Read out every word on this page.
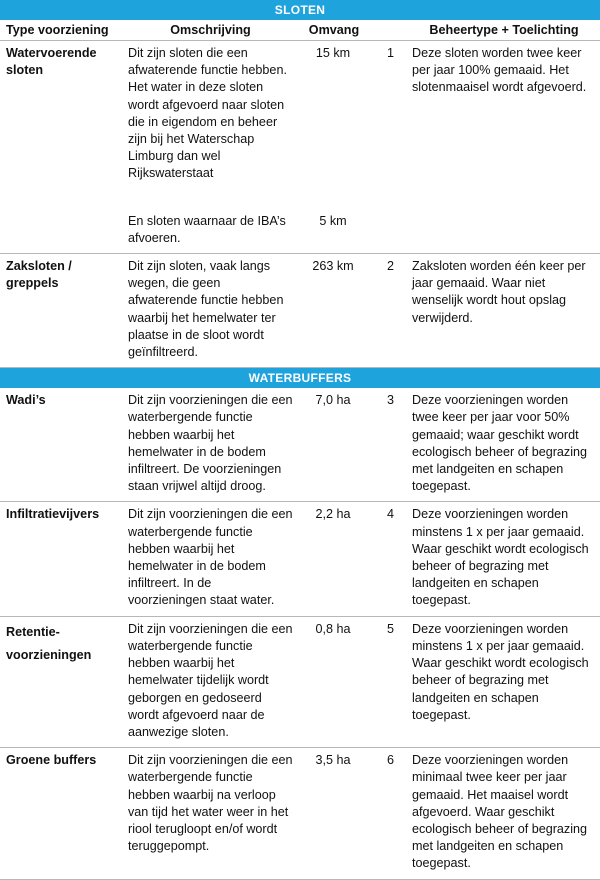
SLOTEN				
Type voorziening	Omschrijving	Omvang		Beheertype + Toelichting
Watervoerende sloten	Dit zijn sloten die een afwaterende functie hebben. Het water in deze sloten wordt afgevoerd naar sloten die in eigendom en beheer zijn bij het Waterschap Limburg dan wel Rijkswaterstaat	15 km	1	Deze sloten worden twee keer per jaar 100% gemaaid. Het slotenmaaisel wordt afgevoerd.
	En sloten waarnaar de IBA’s afvoeren.	5 km		
Zaksloten / greppels	Dit zijn sloten, vaak langs wegen, die geen afwaterende functie hebben waarbij het hemelwater ter plaatse in de sloot wordt geïnfiltreerd.	263 km	2	Zaksloten worden één keer per jaar gemaaid. Waar niet wenselijk wordt hout opslag verwijderd.
WATERBUFFERS				
Wadi’s	Dit zijn voorzieningen die een waterbergende functie hebben waarbij het hemelwater in de bodem infiltreert. De voorzieningen staan vrijwel altijd droog.	7,0 ha	3	Deze voorzieningen worden twee keer per jaar voor 50% gemaaid; waar geschikt wordt ecologisch beheer of begrazing met landgeiten en schapen toegepast.
Infiltratievijvers	Dit zijn voorzieningen die een waterbergende functie hebben waarbij het hemelwater in de bodem infiltreert. In de voorzieningen staat water.	2,2 ha	4	Deze voorzieningen worden minstens 1 x per jaar gemaaid. Waar geschikt wordt ecologisch beheer of begrazing met landgeiten en schapen toegepast.
Retentie-voorzieningen	Dit zijn voorzieningen die een waterbergende functie hebben waarbij het hemelwater tijdelijk wordt geborgen en gedoseerd wordt afgevoerd naar de aanwezige sloten.	0,8 ha	5	Deze voorzieningen worden minstens 1 x per jaar gemaaid. Waar geschikt wordt ecologisch beheer of begrazing met landgeiten en schapen toegepast.
Groene buffers	Dit zijn voorzieningen die een waterbergende functie hebben waarbij na verloop van tijd het water weer in het riool terugloopt en/of wordt teruggepompt.	3,5 ha	6	Deze voorzieningen worden minimaal twee keer per jaar gemaaid. Het maaisel wordt afgevoerd. Waar geschikt ecologisch beheer of begrazing met landgeiten en schapen toegepast.
